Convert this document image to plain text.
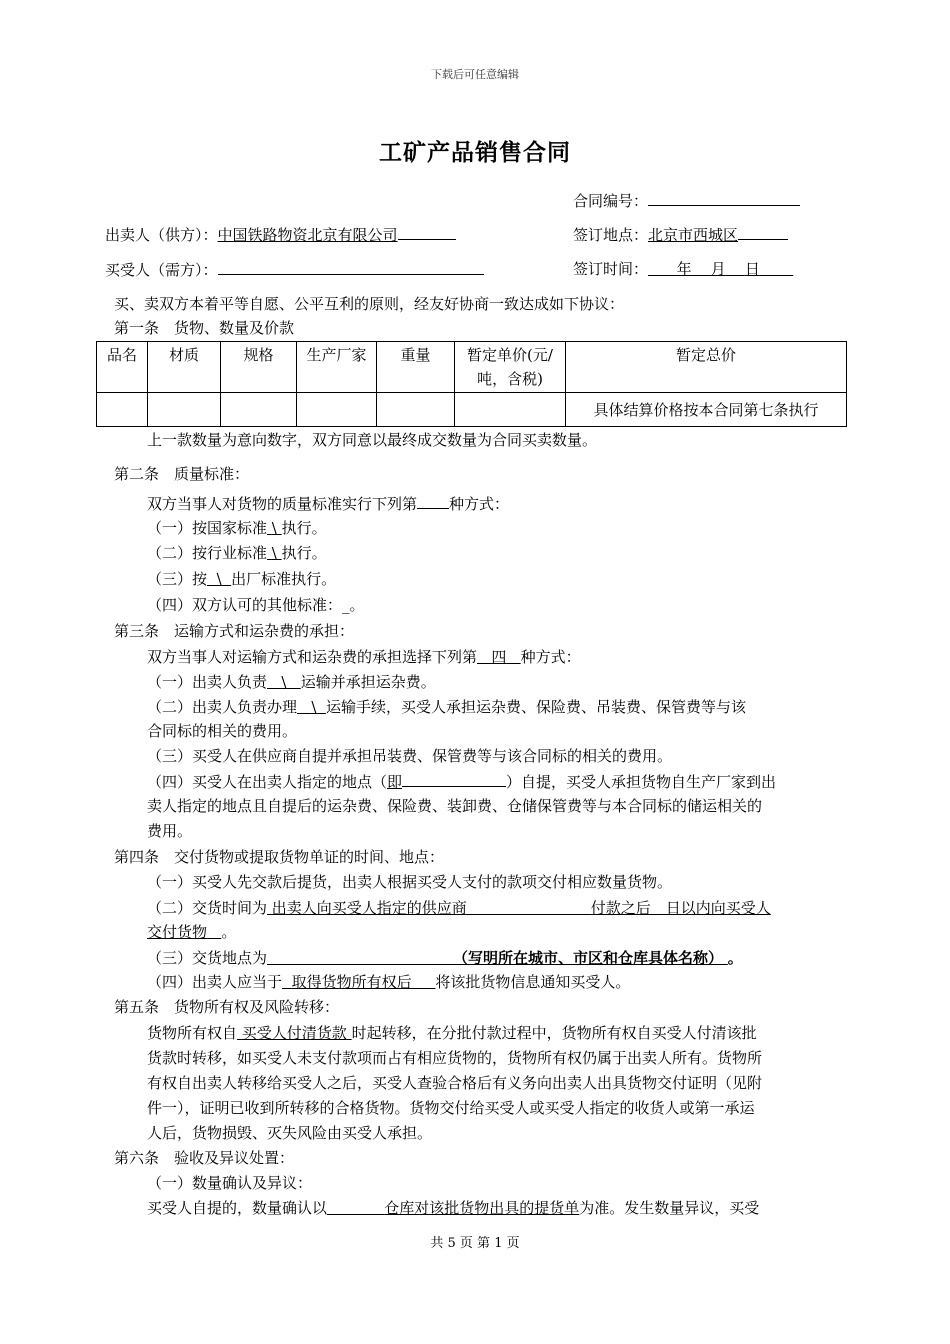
下载后可任意编辑
工矿产品销售合同
合同编号：
出卖人（供方）：中国铁路物资北京有限公司	签订地点：北京市西城区
买受人（需方）：	签订时间： 年 月 日
买、卖双方本着平等自愿、公平互利的原则，经友好协商一致达成如下协议：
第一条　货物、数量及价款
品名	材质	规格	生产厂家	重量	暂定单价(元/吨，含税)	暂定总价
						具体结算价格按本合同第七条执行
上一款数量为意向数字，双方同意以最终成交数量为合同买卖数量。
第二条　质量标准：
双方当事人对货物的质量标准实行下列第 种方式：
（一）按国家标准 \ 执行。
（二）按行业标准 \ 执行。
（三）按 \ 出厂标准执行。
（四）双方认可的其他标准：_。
第三条　运输方式和运杂费的承担：
双方当事人对运输方式和运杂费的承担选择下列第 四 种方式：
（一）出卖人负责 \ 运输并承担运杂费。
（二）出卖人负责办理 \ 运输手续，买受人承担运杂费、保险费、吊装费、保管费等与该
合同标的相关的费用。
（三）买受人在供应商自提并承担吊装费、保管费等与该合同标的相关的费用。
（四）买受人在出卖人指定的地点（即	）自提，买受人承担货物自生产厂家到出
卖人指定的地点且自提后的运杂费、保险费、装卸费、仓储保管费等与本合同标的储运相关的
费用。
第四条　交付货物或提取货物单证的时间、地点：
（一）买受人先交款后提货，出卖人根据买受人支付的款项交付相应数量货物。
（二）交货时间为 出卖人向买受人指定的供应商	付款之后　日以内向买受人
交付货物 。
（三）交货地点为	（写明所在城市、市区和仓库具体名称） 。
（四）出卖人应当于 取得货物所有权后 将该批货物信息通知买受人。
第五条　货物所有权及风险转移：
货物所有权自 买受人付清货款 时起转移，在分批付款过程中，货物所有权自买受人付清该批
货款时转移，如买受人未支付款项而占有相应货物的，货物所有权仍属于出卖人所有。货物所
有权自出卖人转移给买受人之后，买受人查验合格后有义务向出卖人出具货物交付证明（见附
件一），证明已收到所转移的合格货物。货物交付给买受人或买受人指定的收货人或第一承运
人后，货物损毁、灭失风险由买受人承担。
第六条　验收及异议处置：
（一）数量确认及异议：
买受人自提的，数量确认以	仓库对该批货物出具的提货单为准。发生数量异议，买受
共 5 页 第 1 页
